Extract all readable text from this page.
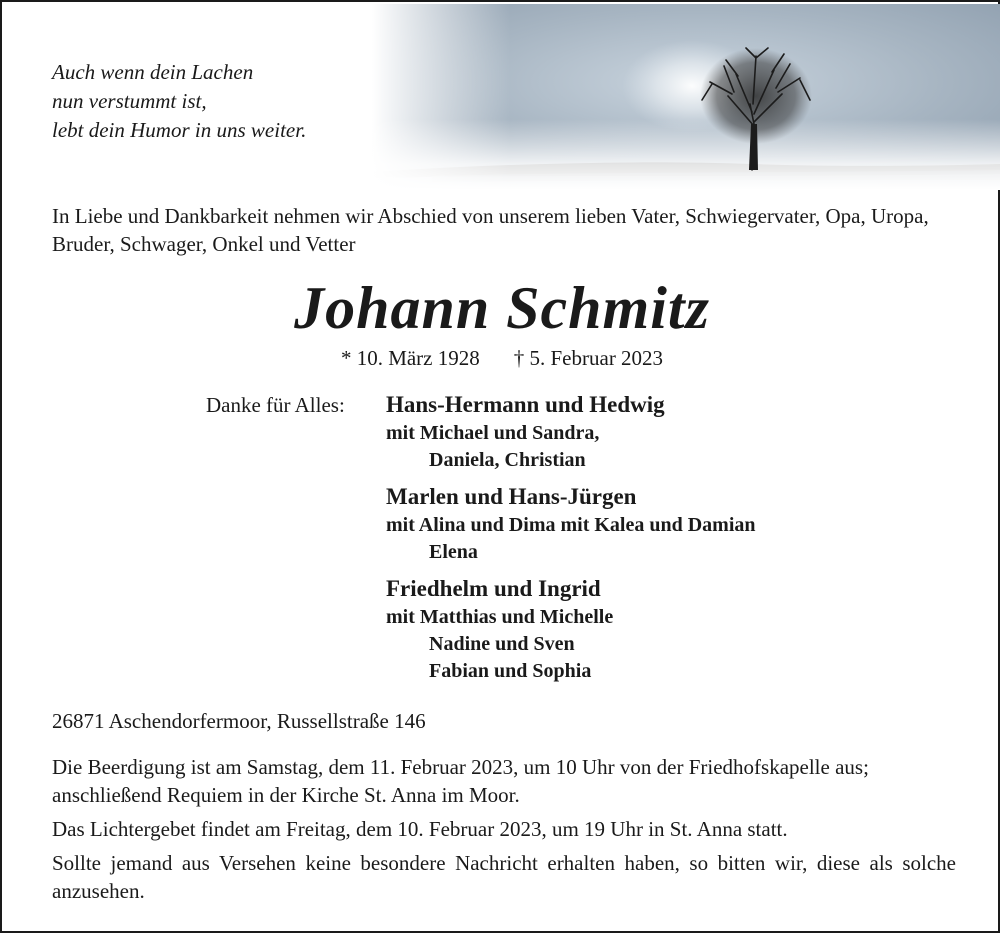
Auch wenn dein Lachen
nun verstummt ist,
lebt dein Humor in uns weiter.
In Liebe und Dankbarkeit nehmen wir Abschied von unserem lieben Vater, Schwiegervater, Opa, Uropa, Bruder, Schwager, Onkel und Vetter
Johann Schmitz
* 10. März 1928 † 5. Februar 2023
Danke für Alles: Hans-Hermann und Hedwig
mit Michael und Sandra,
Daniela, Christian
Marlen und Hans-Jürgen
mit Alina und Dima mit Kalea und Damian
Elena
Friedhelm und Ingrid
mit Matthias und Michelle
Nadine und Sven
Fabian und Sophia
26871 Aschendorfermoor, Russellstraße 146

Die Beerdigung ist am Samstag, dem 11. Februar 2023, um 10 Uhr von der Friedhofskapelle aus; anschließend Requiem in der Kirche St. Anna im Moor.

Das Lichtergebet findet am Freitag, dem 10. Februar 2023, um 19 Uhr in St. Anna statt.

Sollte jemand aus Versehen keine besondere Nachricht erhalten haben, so bitten wir, diese als solche anzusehen.
